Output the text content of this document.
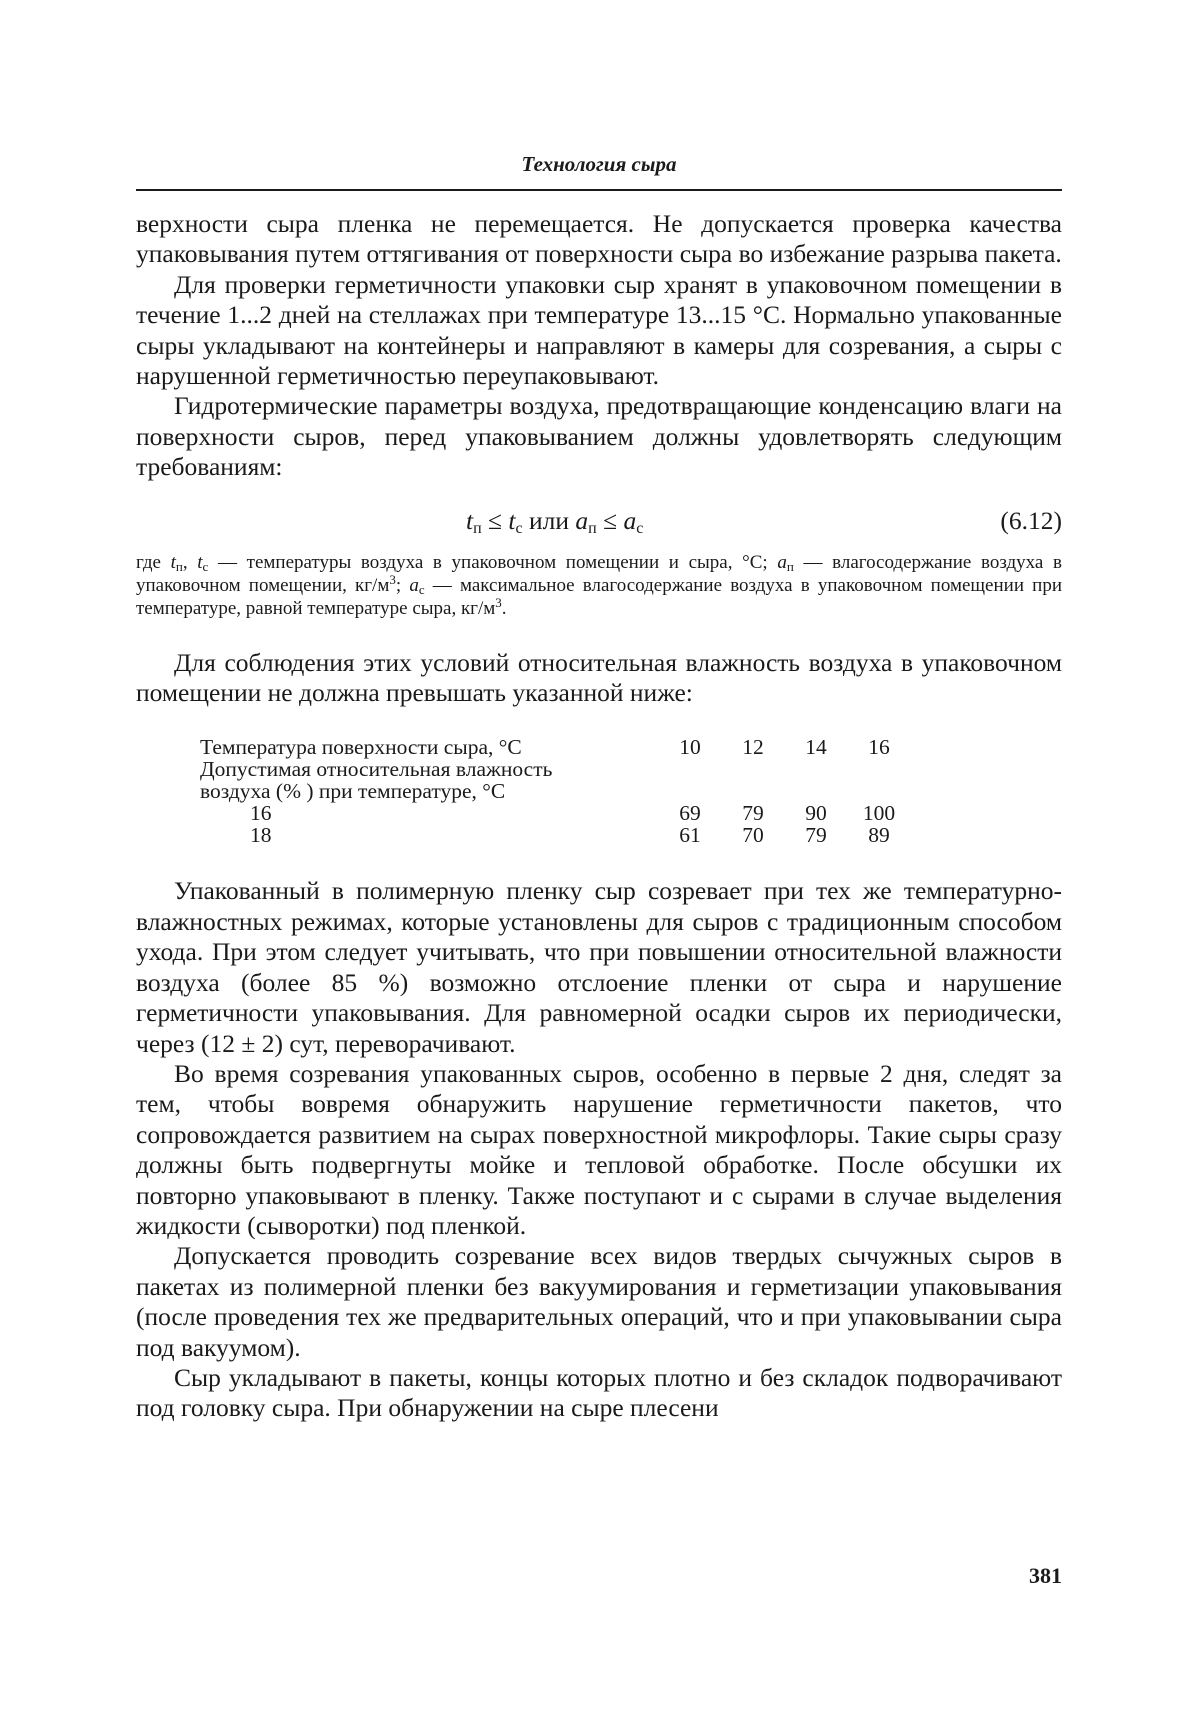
Технология сыра

верхности сыра пленка не перемещается. Не допускается проверка качества упаковывания путем оттягивания от поверхности сыра во избежание разрыва пакета.

Для проверки герметичности упаковки сыр хранят в упаковочном помещении в течение 1...2 дней на стеллажах при температуре 13...15 °С. Нормально упакованные сыры укладывают на контейнеры и направляют в камеры для созревания, а сыры с нарушенной герметичностью переупаковывают.

Гидротермические параметры воздуха, предотвращающие конденсацию влаги на поверхности сыров, перед упаковыванием должны удовлетворять следующим требованиям:

$t_п \le t_с$ или $a_п \le a_с$	(6.12)
где $t_п$, $t_с$ — температуры воздуха в упаковочном помещении и сыра, °С; $a_п$ — влагосодержание воздуха в упаковочном помещении, $кг/м^3$; $a_с$ — максимальное влагосодержание воздуха в упаковочном помещении при температуре, равной температуре сыра, $кг/м^3$.

Для соблюдения этих условий относительная влажность воздуха в упаковочном помещении не должна превышать указанной ниже:

Температура поверхности сыра, °С	10	12	14	16
Допустимая относительная влажность
воздуха (% ) при температуре, °С
16	69	79	90	100
18	61	70	79	89

Упакованный в полимерную пленку сыр созревает при тех же температурно-влажностных режимах, которые установлены для сыров с традиционным способом ухода. При этом следует учитывать, что при повышении относительной влажности воздуха (более 85 %) возможно отслоение пленки от сыра и нарушение герметичности упаковывания. Для равномерной осадки сыров их периодически, через (12 ± 2) сут, переворачивают.

Во время созревания упакованных сыров, особенно в первые 2 дня, следят за тем, чтобы вовремя обнаружить нарушение герметичности пакетов, что сопровождается развитием на сырах поверхностной микрофлоры. Такие сыры сразу должны быть подвергнуты мойке и тепловой обработке. После обсушки их повторно упаковывают в пленку. Также поступают и с сырами в случае выделения жидкости (сыворотки) под пленкой.

Допускается проводить созревание всех видов твердых сычужных сыров в пакетах из полимерной пленки без вакуумирования и герметизации упаковывания (после проведения тех же предварительных операций, что и при упаковывании сыра под вакуумом).

Сыр укладывают в пакеты, концы которых плотно и без складок подворачивают под головку сыра. При обнаружении на сыре плесени

381
